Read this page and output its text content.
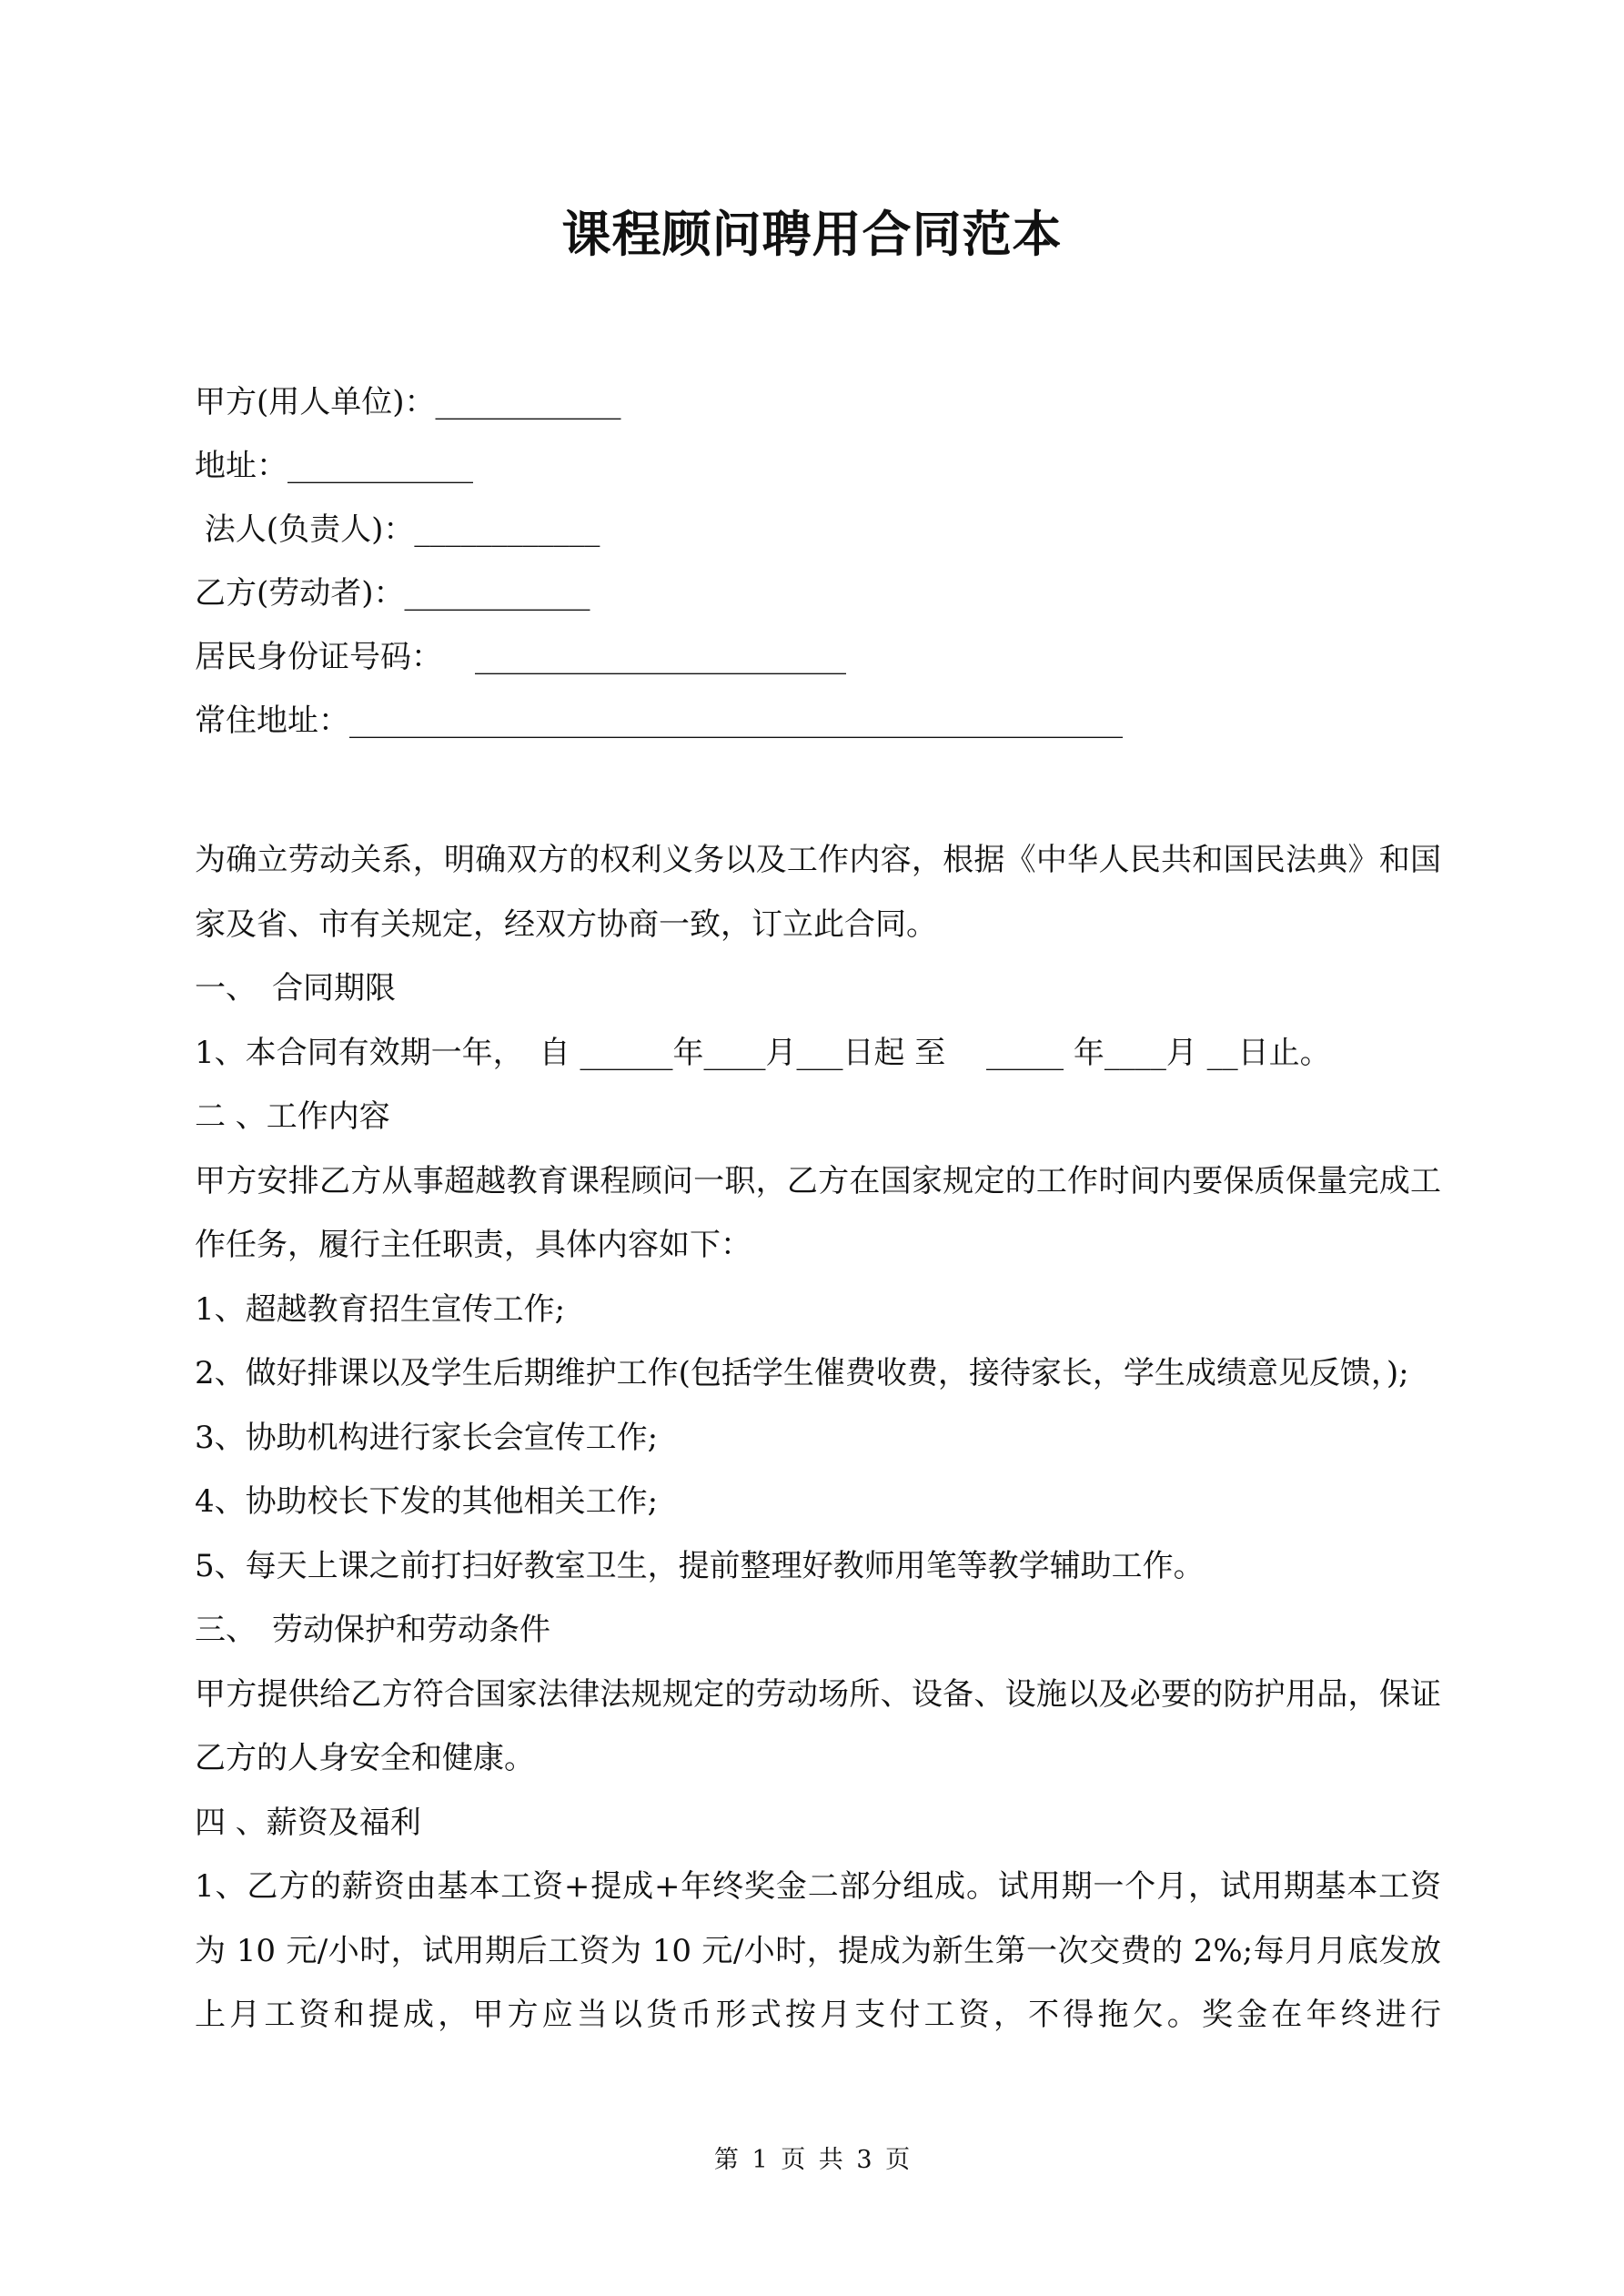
课程顾问聘用合同范本
甲方(用人单位)：____________
地址：____________
法人(负责人)：____________
乙方(劳动者)：____________
居民身份证号码： ________________________
常住地址：__________________________________________________

为确立劳动关系，明确双方的权利义务以及工作内容，根据《中华人民共和国民法典》和国家及省、市有关规定，经双方协商一致，订立此合同。

一、　合同期限

1、本合同有效期一年，　自 ______年____月___日起 至　 _____ 年____月 __日止。

二 、工作内容

甲方安排乙方从事超越教育课程顾问一职，乙方在国家规定的工作时间内要保质保量完成工作任务，履行主任职责，具体内容如下：

1、超越教育招生宣传工作;

2、做好排课以及学生后期维护工作(包括学生催费收费，接待家长，学生成绩意见反馈，);

3、协助机构进行家长会宣传工作;

4、协助校长下发的其他相关工作;

5、每天上课之前打扫好教室卫生，提前整理好教师用笔等教学辅助工作。

三、　劳动保护和劳动条件

甲方提供给乙方符合国家法律法规规定的劳动场所、设备、设施以及必要的防护用品，保证乙方的人身安全和健康。

四 、薪资及福利

1、乙方的薪资由基本工资+提成+年终奖金二部分组成。试用期一个月，试用期基本工资为 10 元/小时，试用期后工资为 10 元/小时，提成为新生第一次交费的 2%;每月月底发放上月工资和提成，甲方应当以货币形式按月支付工资，不得拖欠。奖金在年终进行

第 1 页 共 3 页
